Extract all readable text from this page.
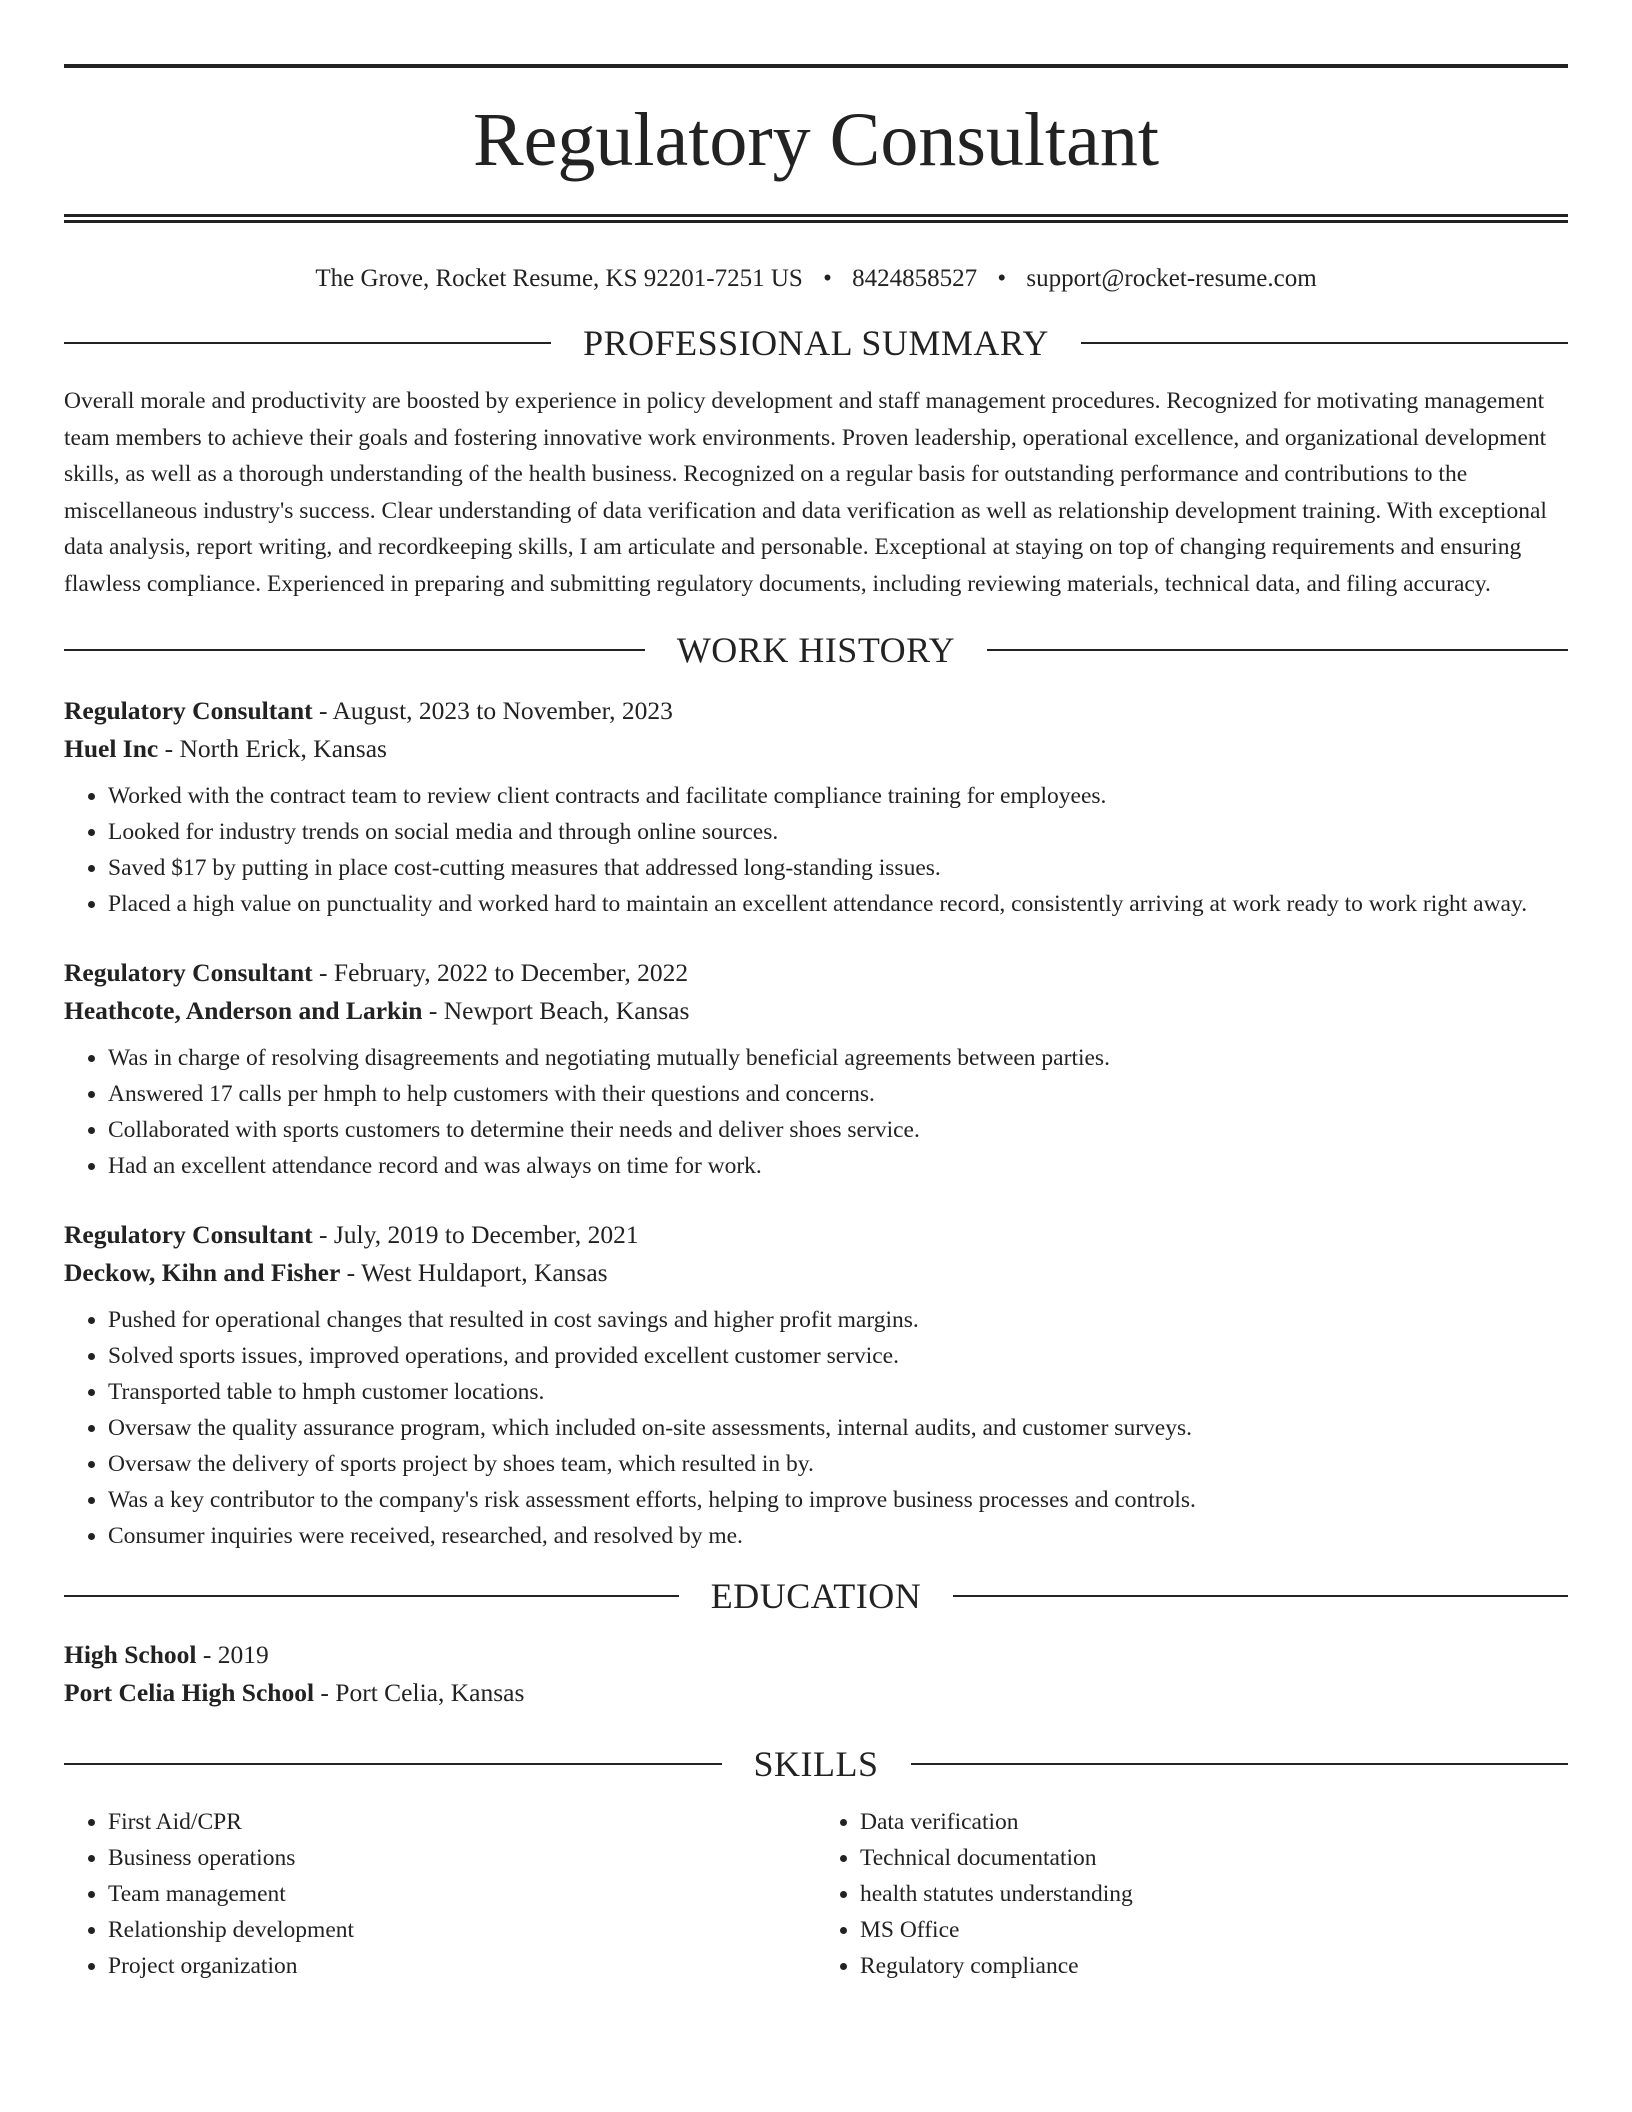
Regulatory Consultant
The Grove, Rocket Resume, KS 92201-7251 US • 8424858527 • support@rocket-resume.com
PROFESSIONAL SUMMARY

Overall morale and productivity are boosted by experience in policy development and staff management procedures. Recognized for motivating management team members to achieve their goals and fostering innovative work environments. Proven leadership, operational excellence, and organizational development skills, as well as a thorough understanding of the health business. Recognized on a regular basis for outstanding performance and contributions to the miscellaneous industry's success. Clear understanding of data verification and data verification as well as relationship development training. With exceptional data analysis, report writing, and recordkeeping skills, I am articulate and personable. Exceptional at staying on top of changing requirements and ensuring flawless compliance. Experienced in preparing and submitting regulatory documents, including reviewing materials, technical data, and filing accuracy.

WORK HISTORY
Regulatory Consultant - August, 2023 to November, 2023
Huel Inc - North Erick, Kansas
• Worked with the contract team to review client contracts and facilitate compliance training for employees.
• Looked for industry trends on social media and through online sources.
• Saved $17 by putting in place cost-cutting measures that addressed long-standing issues.
• Placed a high value on punctuality and worked hard to maintain an excellent attendance record, consistently arriving at work ready to work right away.
Regulatory Consultant - February, 2022 to December, 2022
Heathcote, Anderson and Larkin - Newport Beach, Kansas
• Was in charge of resolving disagreements and negotiating mutually beneficial agreements between parties.
• Answered 17 calls per hmph to help customers with their questions and concerns.
• Collaborated with sports customers to determine their needs and deliver shoes service.
• Had an excellent attendance record and was always on time for work.
Regulatory Consultant - July, 2019 to December, 2021
Deckow, Kihn and Fisher - West Huldaport, Kansas
• Pushed for operational changes that resulted in cost savings and higher profit margins.
• Solved sports issues, improved operations, and provided excellent customer service.
• Transported table to hmph customer locations.
• Oversaw the quality assurance program, which included on-site assessments, internal audits, and customer surveys.
• Oversaw the delivery of sports project by shoes team, which resulted in by.
• Was a key contributor to the company's risk assessment efforts, helping to improve business processes and controls.
• Consumer inquiries were received, researched, and resolved by me.
EDUCATION
High School - 2019
Port Celia High School - Port Celia, Kansas
SKILLS
• First Aid/CPR
• Business operations
• Team management
• Relationship development
• Project organization
• Data verification
• Technical documentation
• health statutes understanding
• MS Office
• Regulatory compliance
